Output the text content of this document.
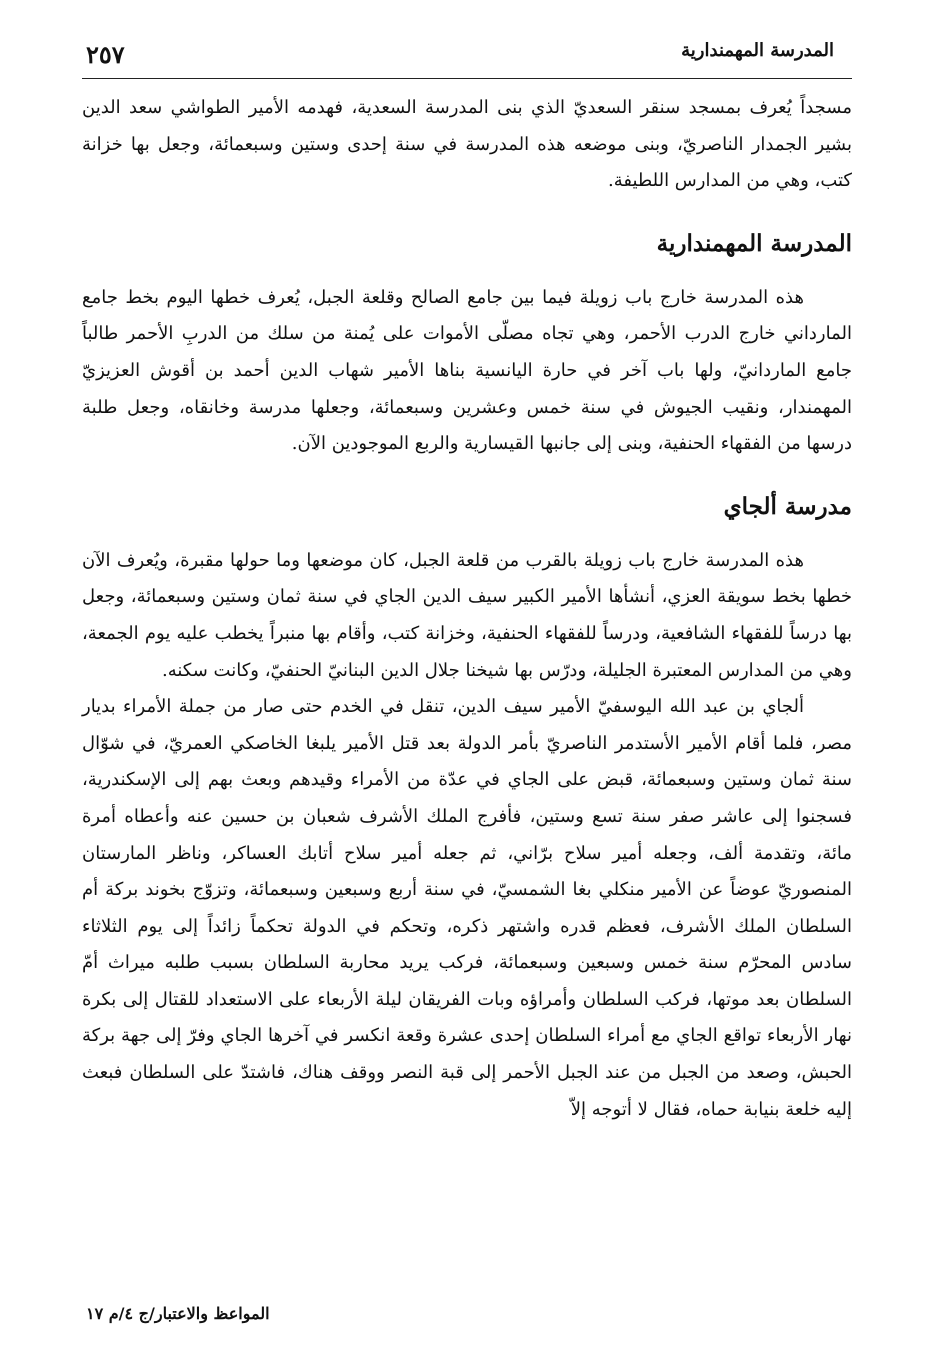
المدرسة المهمندارية
٢٥٧

مسجداً يُعرف بمسجد سنقر السعديّ الذي بنى المدرسة السعدية، فهدمه الأمير الطواشي سعد الدين بشير الجمدار الناصريّ، وبنى موضعه هذه المدرسة في سنة إحدى وستين وسبعمائة، وجعل بها خزانة كتب، وهي من المدارس اللطيفة.

المدرسة المهمندارية

هذه المدرسة خارج باب زويلة فيما بين جامع الصالح وقلعة الجبل، يُعرف خطها اليوم بخط جامع المارداني خارج الدرب الأحمر، وهي تجاه مصلّى الأموات على يُمنة من سلك من الدربِ الأحمر طالباً جامع الماردانيّ، ولها باب آخر في حارة اليانسية بناها الأمير شهاب الدين أحمد بن أقوش العزيزيّ المهمندار، ونقيب الجيوش في سنة خمس وعشرين وسبعمائة، وجعلها مدرسة وخانقاه، وجعل طلبة درسها من الفقهاء الحنفية، وبنى إلى جانبها القيسارية والربع الموجودين الآن.

مدرسة ألجاي

هذه المدرسة خارج باب زويلة بالقرب من قلعة الجبل، كان موضعها وما حولها مقبرة، ويُعرف الآن خطها بخط سويقة العزي، أنشأها الأمير الكبير سيف الدين الجاي في سنة ثمان وستين وسبعمائة، وجعل بها درساً للفقهاء الشافعية، ودرساً للفقهاء الحنفية، وخزانة كتب، وأقام بها منبراً يخطب عليه يوم الجمعة، وهي من المدارس المعتبرة الجليلة، ودرّس بها شيخنا جلال الدين البنانيّ الحنفيّ، وكانت سكنه.

ألجاي بن عبد الله اليوسفيّ الأمير سيف الدين، تنقل في الخدم حتى صار من جملة الأمراء بديار مصر، فلما أقام الأمير الأستدمر الناصريّ بأمر الدولة بعد قتل الأمير يلبغا الخاصكي العمريّ، في شوّال سنة ثمان وستين وسبعمائة، قبض على الجاي في عدّة من الأمراء وقيدهم وبعث بهم إلى الإسكندرية، فسجنوا إلى عاشر صفر سنة تسع وستين، فأفرج الملك الأشرف شعبان بن حسين عنه وأعطاه أمرة مائة، وتقدمة ألف، وجعله أمير سلاح برّاني، ثم جعله أمير سلاح أتابك العساكر، وناظر المارستان المنصوريّ عوضاً عن الأمير منكلي بغا الشمسيّ، في سنة أربع وسبعين وسبعمائة، وتزوّج بخوند بركة أم السلطان الملك الأشرف، فعظم قدره واشتهر ذكره، وتحكم في الدولة تحكماً زائداً إلى يوم الثلاثاء سادس المحرّم سنة خمس وسبعين وسبعمائة، فركب يريد محاربة السلطان بسبب طلبه ميراث أمّ السلطان بعد موتها، فركب السلطان وأمراؤه وبات الفريقان ليلة الأربعاء على الاستعداد للقتال إلى بكرة نهار الأربعاء تواقع الجاي مع أمراء السلطان إحدى عشرة وقعة انكسر في آخرها الجاي وفرّ إلى جهة بركة الحبش، وصعد من الجبل من عند الجبل الأحمر إلى قبة النصر ووقف هناك، فاشتدّ على السلطان فبعث إليه خلعة بنيابة حماه، فقال لا أتوجه إلاّ

المواعظ والاعتبار/ج ٤/م ١٧
